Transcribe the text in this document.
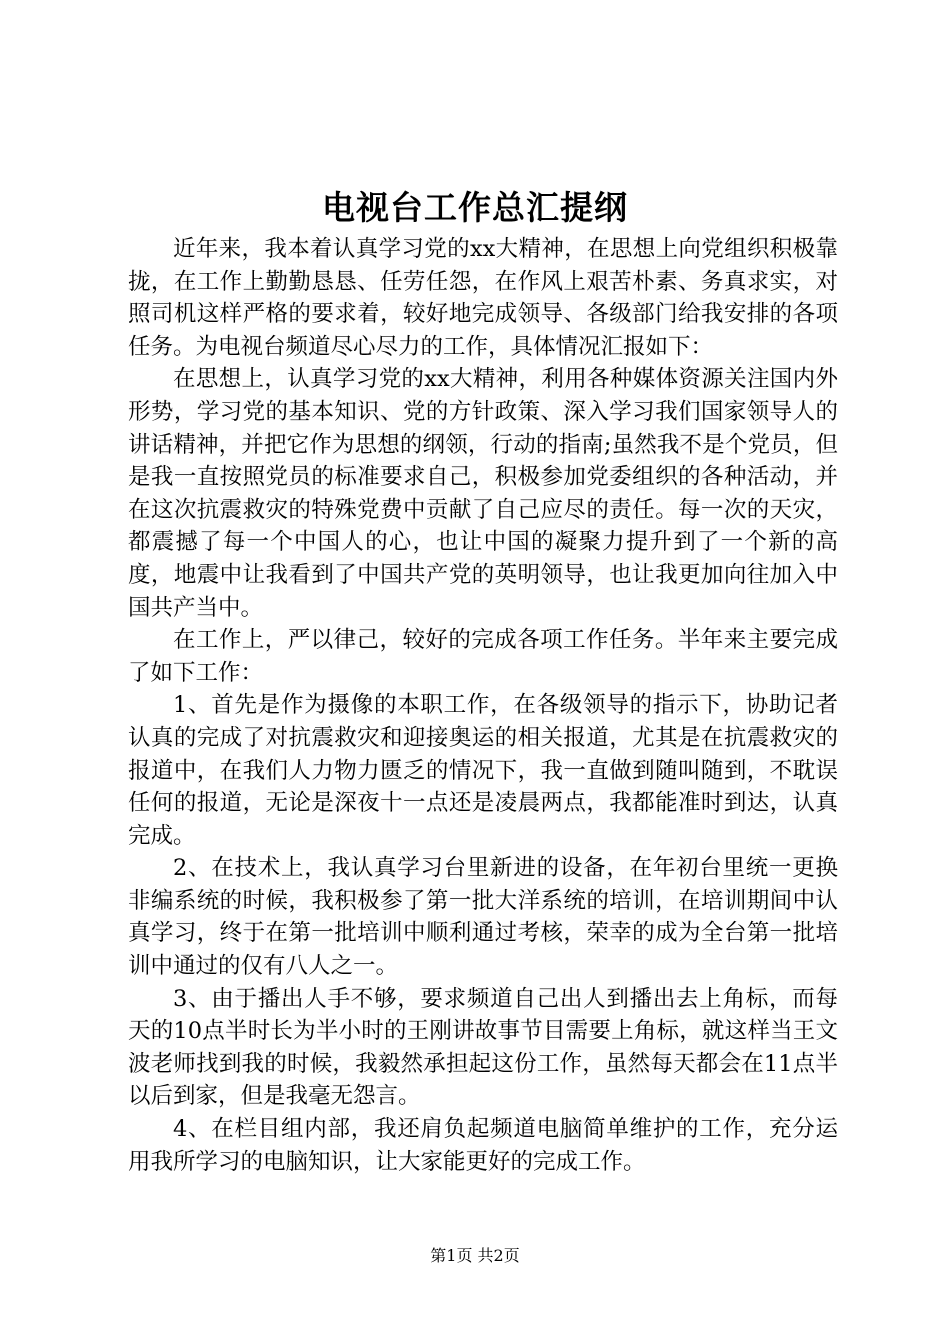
电视台工作总汇提纲

近年来，我本着认真学习党的xx大精神，在思想上向党组织积极靠拢，在工作上勤勤恳恳、任劳任怨，在作风上艰苦朴素、务真求实，对照司机这样严格的要求着，较好地完成领导、各级部门给我安排的各项任务。为电视台频道尽心尽力的工作，具体情况汇报如下：

在思想上，认真学习党的xx大精神，利用各种媒体资源关注国内外形势，学习党的基本知识、党的方针政策、深入学习我们国家领导人的讲话精神，并把它作为思想的纲领，行动的指南;虽然我不是个党员，但是我一直按照党员的标准要求自己，积极参加党委组织的各种活动，并在这次抗震救灾的特殊党费中贡献了自己应尽的责任。每一次的天灾，都震撼了每一个中国人的心，也让中国的凝聚力提升到了一个新的高度，地震中让我看到了中国共产党的英明领导，也让我更加向往加入中国共产当中。

在工作上，严以律己，较好的完成各项工作任务。半年来主要完成了如下工作：

1、首先是作为摄像的本职工作，在各级领导的指示下，协助记者认真的完成了对抗震救灾和迎接奥运的相关报道，尤其是在抗震救灾的报道中，在我们人力物力匮乏的情况下，我一直做到随叫随到，不耽误任何的报道，无论是深夜十一点还是凌晨两点，我都能准时到达，认真完成。

2、在技术上，我认真学习台里新进的设备，在年初台里统一更换非编系统的时候，我积极参了第一批大洋系统的培训，在培训期间中认真学习，终于在第一批培训中顺利通过考核，荣幸的成为全台第一批培训中通过的仅有八人之一。

3、由于播出人手不够，要求频道自己出人到播出去上角标，而每天的10点半时长为半小时的王刚讲故事节目需要上角标，就这样当王文波老师找到我的时候，我毅然承担起这份工作，虽然每天都会在11点半以后到家，但是我毫无怨言。

4、在栏目组内部，我还肩负起频道电脑简单维护的工作，充分运用我所学习的电脑知识，让大家能更好的完成工作。

第1页 共2页
